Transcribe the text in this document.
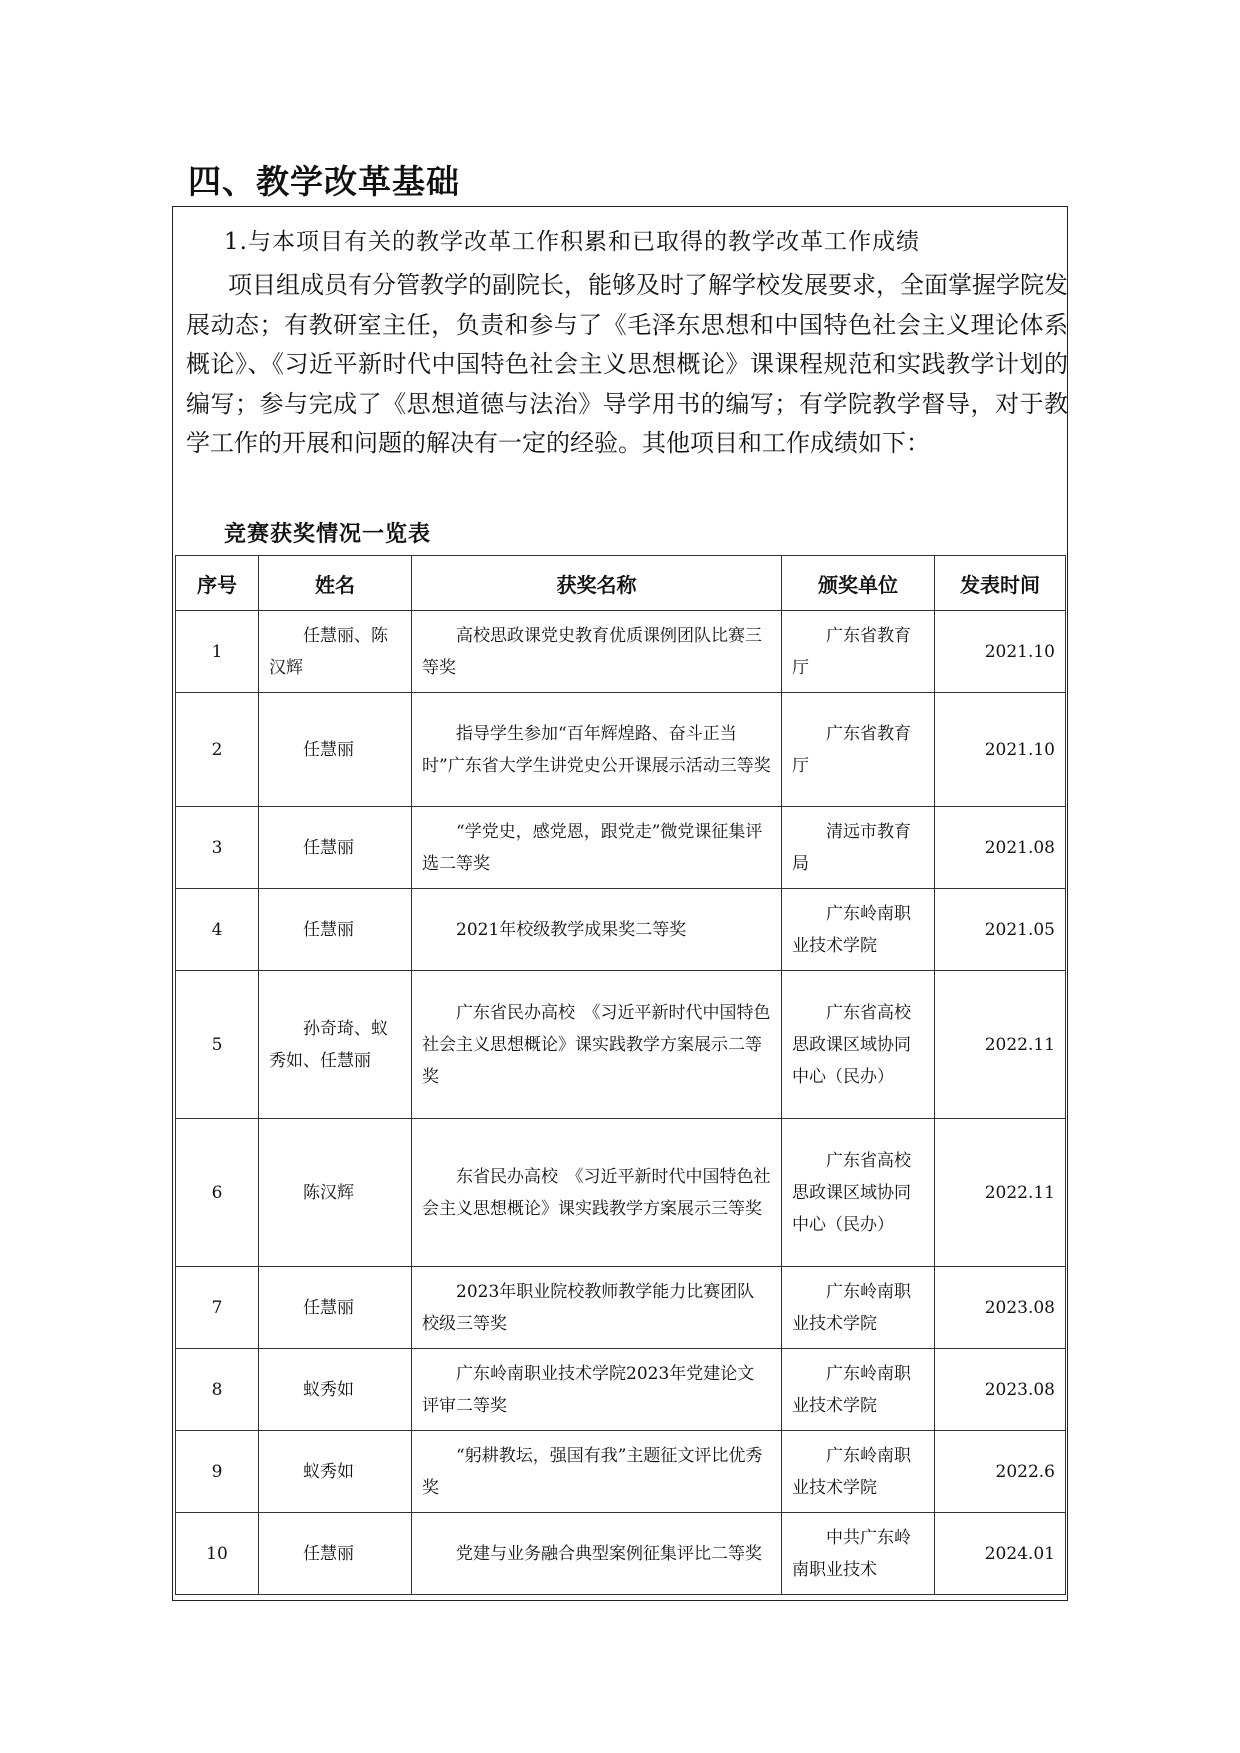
四、教学改革基础

1.与本项目有关的教学改革工作积累和已取得的教学改革工作成绩

项目组成员有分管教学的副院长，能够及时了解学校发展要求，全面掌握学院发展动态；有教研室主任，负责和参与了《毛泽东思想和中国特色社会主义理论体系概论》、《习近平新时代中国特色社会主义思想概论》课课程规范和实践教学计划的编写；参与完成了《思想道德与法治》导学用书的编写；有学院教学督导，对于教学工作的开展和问题的解决有一定的经验。其他项目和工作成绩如下：

竞赛获奖情况一览表

序号	姓名	获奖名称	颁奖单位	发表时间
1	任慧丽、陈汉辉	高校思政课党史教育优质课例团队比赛三等奖	广东省教育厅	2021.10
2	任慧丽	指导学生参加“百年辉煌路、奋斗正当时”广东省大学生讲党史公开课展示活动三等奖	广东省教育厅	2021.10
3	任慧丽	“学党史，感党恩，跟党走”微党课征集评选二等奖	清远市教育局	2021.08
4	任慧丽	2021年校级教学成果奖二等奖	广东岭南职业技术学院	2021.05
5	孙奇琦、蚁秀如、任慧丽	广东省民办高校　《习近平新时代中国特色社会主义思想概论》课实践教学方案展示二等奖	广东省高校思政课区域协同中心（民办）	2022.11
6	陈汉辉	东省民办高校　《习近平新时代中国特色社会主义思想概论》课实践教学方案展示三等奖	广东省高校思政课区域协同中心（民办）	2022.11
7	任慧丽	2023年职业院校教师教学能力比赛团队校级三等奖	广东岭南职业技术学院	2023.08
8	蚁秀如	广东岭南职业技术学院2023年党建论文评审二等奖	广东岭南职业技术学院	2023.08
9	蚁秀如	“躬耕教坛，强国有我”主题征文评比优秀奖	广东岭南职业技术学院	2022.6
10	任慧丽	党建与业务融合典型案例征集评比二等奖	中共广东岭南职业技术	2024.01
